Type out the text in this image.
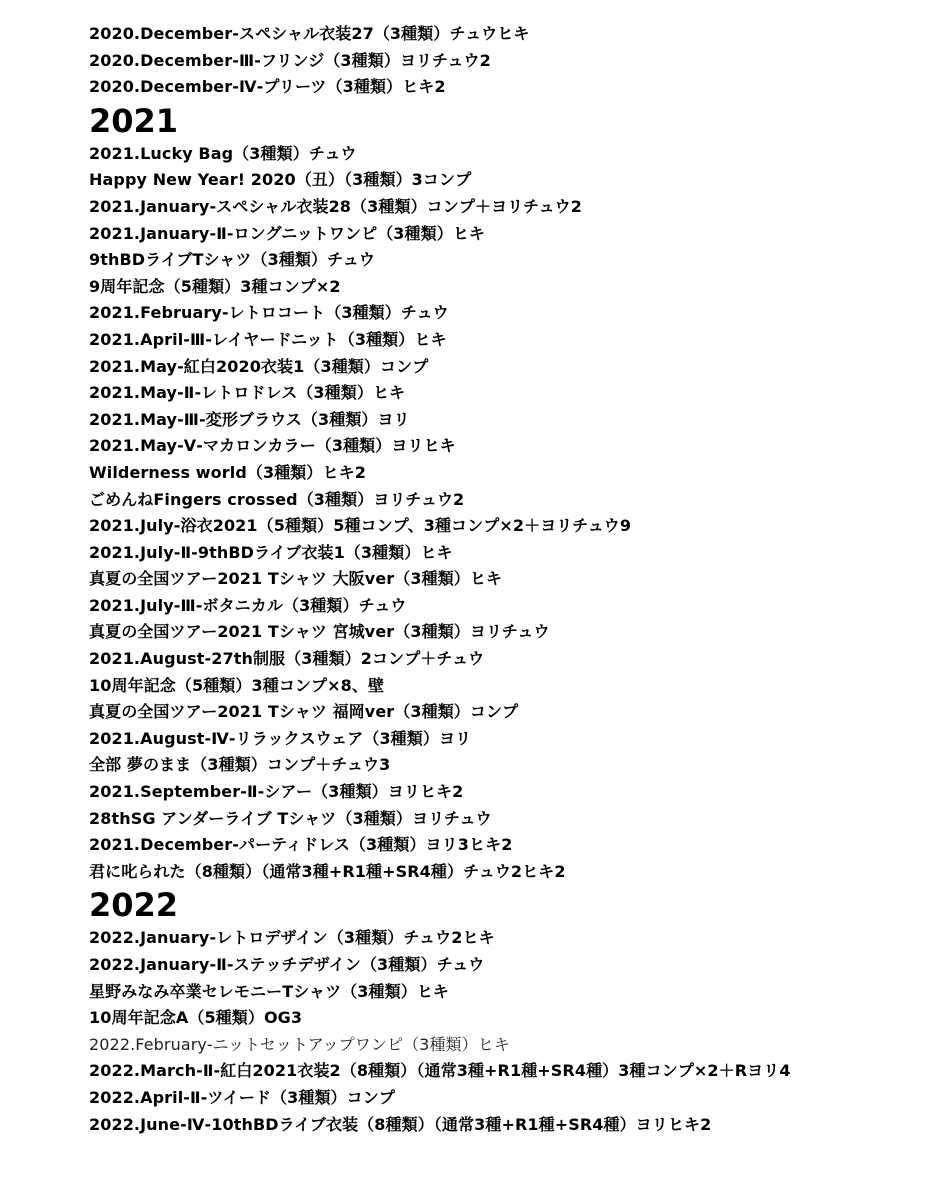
2020.December-スペシャル衣装27（3種類）チュウヒキ
2020.December-Ⅲ-フリンジ（3種類）ヨリチュウ2
2020.December-Ⅳ-プリーツ（3種類）ヒキ2
2021
2021.Lucky Bag（3種類）チュウ
Happy New Year! 2020（丑）（3種類）3コンプ
2021.January-スペシャル衣装28（3種類）コンプ＋ヨリチュウ2
2021.January-Ⅱ-ロングニットワンピ（3種類）ヒキ
9thBDライブTシャツ（3種類）チュウ
9周年記念（5種類）3種コンプ×2
2021.February-レトロコート（3種類）チュウ
2021.April-Ⅲ-レイヤードニット（3種類）ヒキ
2021.May-紅白2020衣装1（3種類）コンプ
2021.May-Ⅱ-レトロドレス（3種類）ヒキ
2021.May-Ⅲ-変形ブラウス（3種類）ヨリ
2021.May-Ⅴ-マカロンカラー（3種類）ヨリヒキ
Wilderness world（3種類）ヒキ2
ごめんねFingers crossed（3種類）ヨリチュウ2
2021.July-浴衣2021（5種類）5種コンプ、3種コンプ×2＋ヨリチュウ9
2021.July-Ⅱ-9thBDライブ衣装1（3種類）ヒキ
真夏の全国ツアー2021 Tシャツ 大阪ver（3種類）ヒキ
2021.July-Ⅲ-ボタニカル（3種類）チュウ
真夏の全国ツアー2021 Tシャツ 宮城ver（3種類）ヨリチュウ
2021.August-27th制服（3種類）2コンプ＋チュウ
10周年記念（5種類）3種コンプ×8、壁
真夏の全国ツアー2021 Tシャツ 福岡ver（3種類）コンプ
2021.August-Ⅳ-リラックスウェア（3種類）ヨリ
全部 夢のまま（3種類）コンプ＋チュウ3
2021.September-Ⅱ-シアー（3種類）ヨリヒキ2
28thSG アンダーライブ Tシャツ（3種類）ヨリチュウ
2021.December-パーティドレス（3種類）ヨリ3ヒキ2
君に叱られた（8種類）（通常3種+R1種+SR4種）チュウ2ヒキ2
2022
2022.January-レトロデザイン（3種類）チュウ2ヒキ
2022.January-Ⅱ-ステッチデザイン（3種類）チュウ
星野みなみ卒業セレモニーTシャツ（3種類）ヒキ
10周年記念A（5種類）OG3
2022.February-ニットセットアップワンピ（3種類）ヒキ
2022.March-Ⅱ-紅白2021衣装2（8種類）（通常3種+R1種+SR4種）3種コンプ×2＋Rヨリ4
2022.April-Ⅱ-ツイード（3種類）コンプ
2022.June-Ⅳ-10thBDライブ衣装（8種類）（通常3種+R1種+SR4種）ヨリヒキ2
